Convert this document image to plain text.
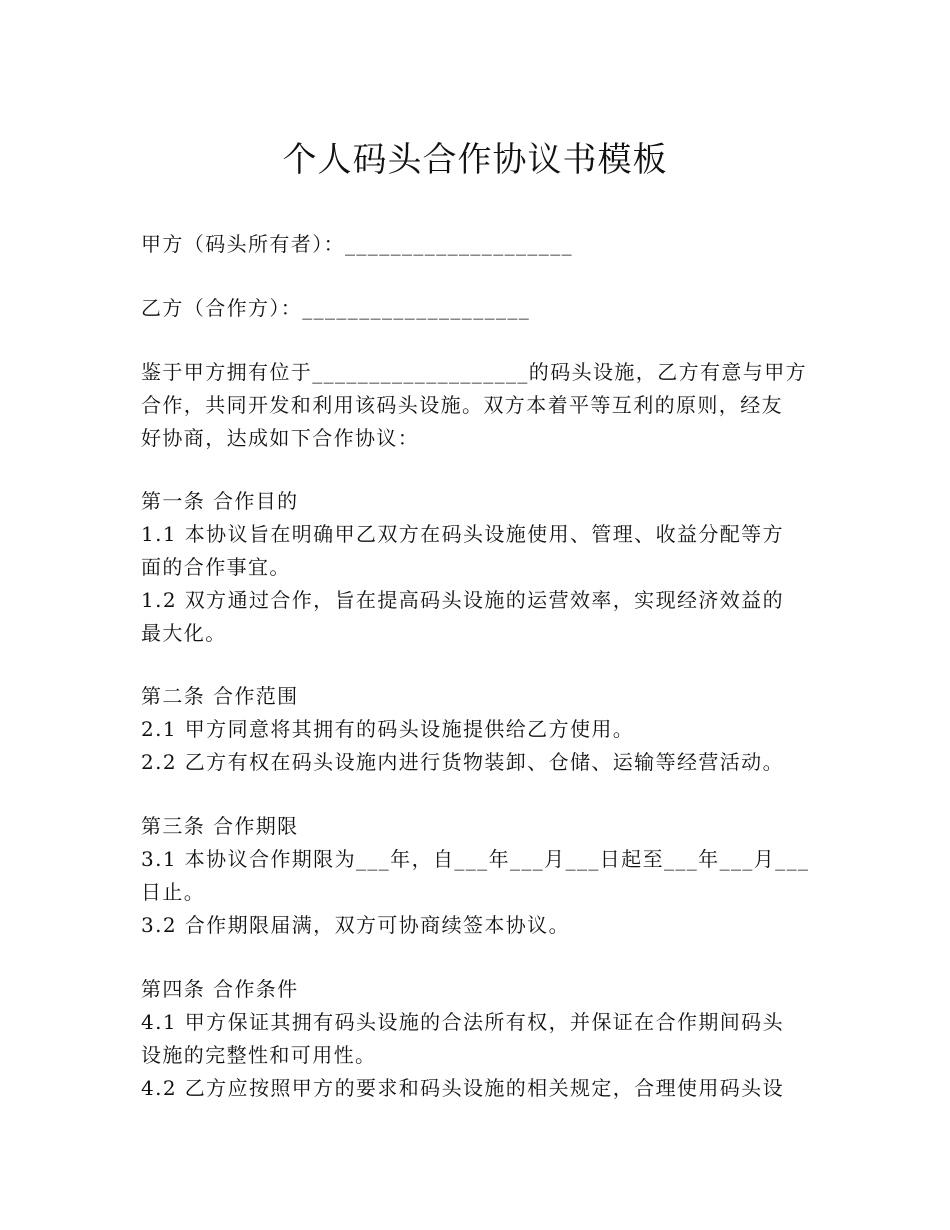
个人码头合作协议书模板

甲方（码头所有者）：____________________

乙方（合作方）：____________________

鉴于甲方拥有位于___________________的码头设施，乙方有意与甲方

合作，共同开发和利用该码头设施。双方本着平等互利的原则，经友

好协商，达成如下合作协议：

第一条 合作目的

1.1 本协议旨在明确甲乙双方在码头设施使用、管理、收益分配等方

面的合作事宜。

1.2 双方通过合作，旨在提高码头设施的运营效率，实现经济效益的

最大化。

第二条 合作范围

2.1 甲方同意将其拥有的码头设施提供给乙方使用。

2.2 乙方有权在码头设施内进行货物装卸、仓储、运输等经营活动。

第三条 合作期限

3.1 本协议合作期限为___年，自___年___月___日起至___年___月___

日止。

3.2 合作期限届满，双方可协商续签本协议。

第四条 合作条件

4.1 甲方保证其拥有码头设施的合法所有权，并保证在合作期间码头

设施的完整性和可用性。

4.2 乙方应按照甲方的要求和码头设施的相关规定，合理使用码头设
